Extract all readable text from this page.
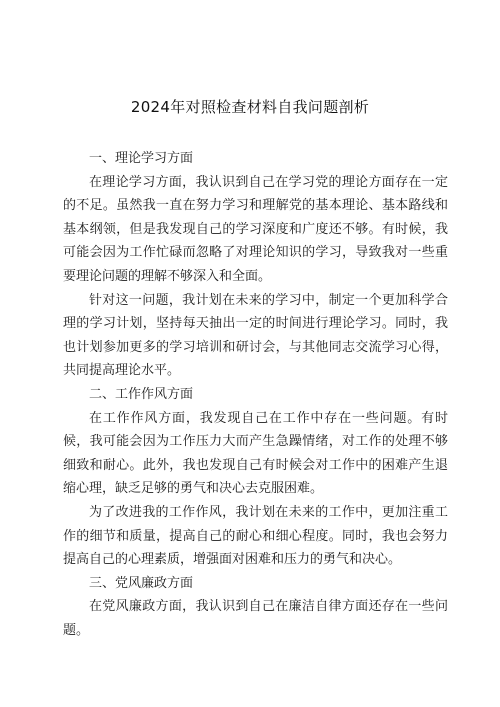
2024年对照检查材料自我问题剖析

一、理论学习方面

在理论学习方面，我认识到自己在学习党的理论方面存在一定的不足。虽然我一直在努力学习和理解党的基本理论、基本路线和基本纲领，但是我发现自己的学习深度和广度还不够。有时候，我可能会因为工作忙碌而忽略了对理论知识的学习，导致我对一些重要理论问题的理解不够深入和全面。

针对这一问题，我计划在未来的学习中，制定一个更加科学合理的学习计划，坚持每天抽出一定的时间进行理论学习。同时，我也计划参加更多的学习培训和研讨会，与其他同志交流学习心得，共同提高理论水平。

二、工作作风方面

在工作作风方面，我发现自己在工作中存在一些问题。有时候，我可能会因为工作压力大而产生急躁情绪，对工作的处理不够细致和耐心。此外，我也发现自己有时候会对工作中的困难产生退缩心理，缺乏足够的勇气和决心去克服困难。

为了改进我的工作作风，我计划在未来的工作中，更加注重工作的细节和质量，提高自己的耐心和细心程度。同时，我也会努力提高自己的心理素质，增强面对困难和压力的勇气和决心。

三、党风廉政方面

在党风廉政方面，我认识到自己在廉洁自律方面还存在一些问题。
